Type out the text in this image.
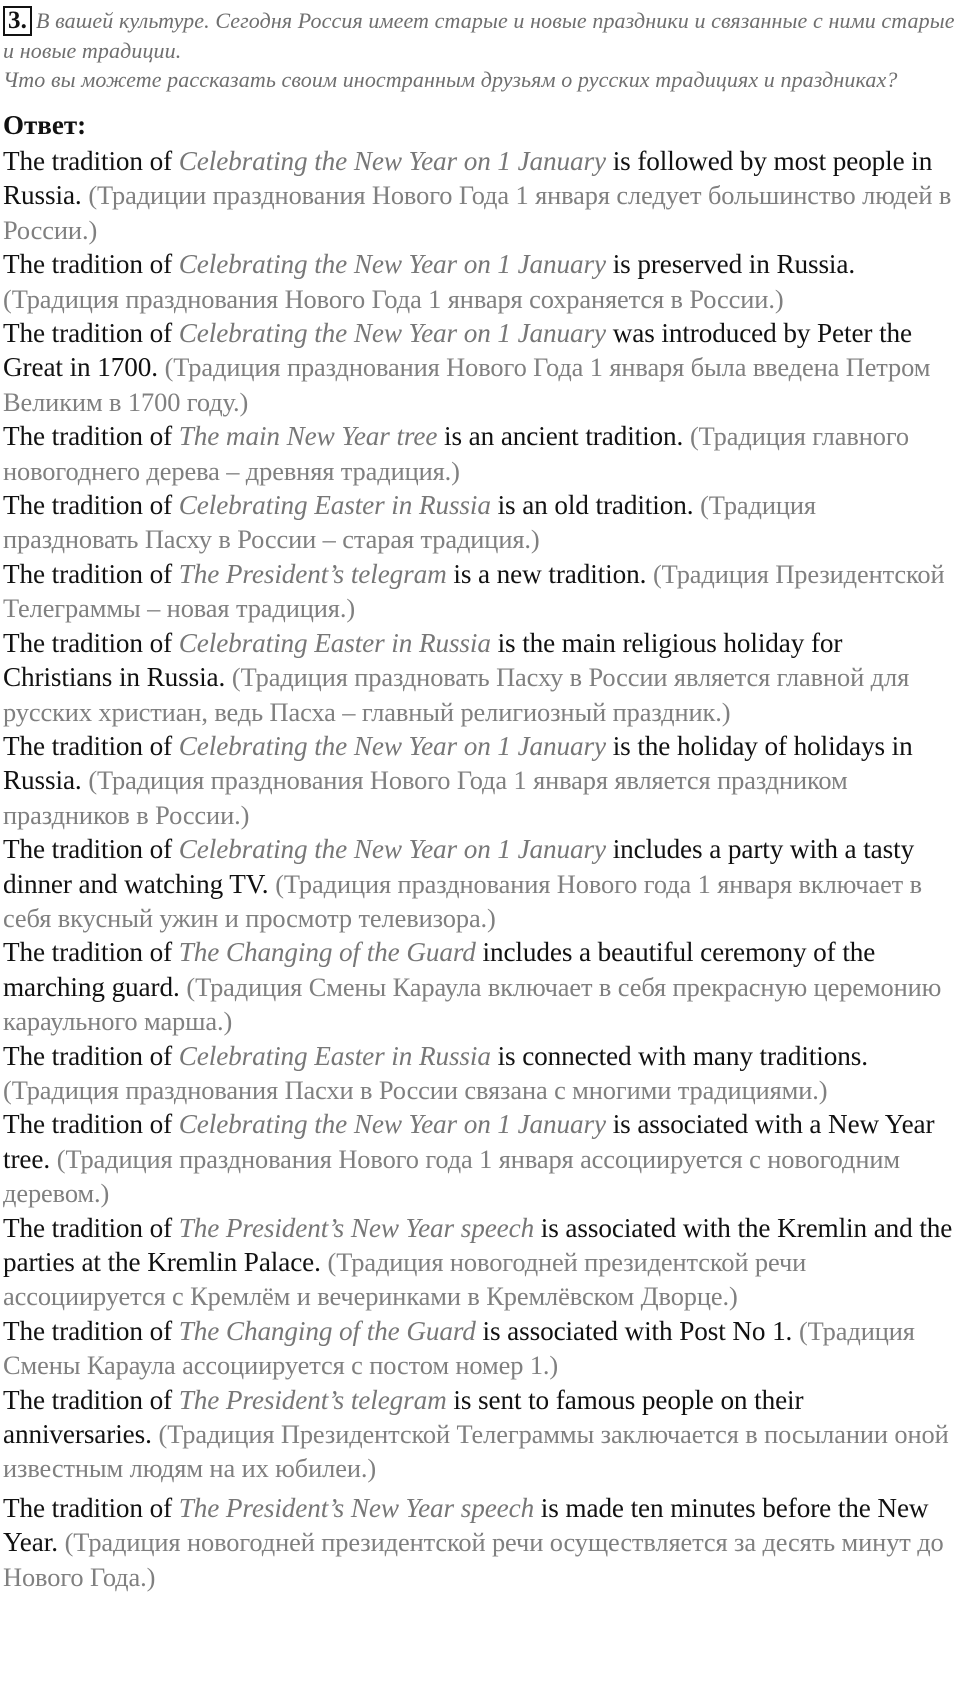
3. В вашей культуре. Сегодня Россия имеет старые и новые праздники и связанные с ними старые и новые традиции.
Что вы можете рассказать своим иностранным друзьям о русских традициях и праздниках?
Ответ:
The tradition of Celebrating the New Year on 1 January is followed by most people in Russia. (Традиции празднования Нового Года 1 января следует большинство людей в России.)
The tradition of Celebrating the New Year on 1 January is preserved in Russia. (Традиция празднования Нового Года 1 января сохраняется в России.)
The tradition of Celebrating the New Year on 1 January was introduced by Peter the Great in 1700. (Традиция празднования Нового Года 1 января была введена Петром Великим в 1700 году.)
The tradition of The main New Year tree is an ancient tradition. (Традиция главного новогоднего дерева – древняя традиция.)
The tradition of Celebrating Easter in Russia is an old tradition. (Традиция праздновать Пасху в России – старая традиция.)
The tradition of The President’s telegram is a new tradition. (Традиция Президентской Телеграммы – новая традиция.)
The tradition of Celebrating Easter in Russia is the main religious holiday for Christians in Russia. (Традиция праздновать Пасху в России является главной для русских христиан, ведь Пасха – главный религиозный праздник.)
The tradition of Celebrating the New Year on 1 January is the holiday of holidays in Russia. (Традиция празднования Нового Года 1 января является праздником праздников в России.)
The tradition of Celebrating the New Year on 1 January includes a party with a tasty dinner and watching TV. (Традиция празднования Нового года 1 января включает в себя вкусный ужин и просмотр телевизора.)
The tradition of The Changing of the Guard includes a beautiful ceremony of the marching guard. (Традиция Смены Караула включает в себя прекрасную церемонию караульного марша.)
The tradition of Celebrating Easter in Russia is connected with many traditions. (Традиция празднования Пасхи в России связана с многими традициями.)
The tradition of Celebrating the New Year on 1 January is associated with a New Year tree. (Традиция празднования Нового года 1 января ассоциируется с новогодним деревом.)
The tradition of The President’s New Year speech is associated with the Kremlin and the parties at the Kremlin Palace. (Традиция новогодней президентской речи ассоциируется с Кремлём и вечеринками в Кремлёвском Дворце.)
The tradition of The Changing of the Guard is associated with Post No 1. (Традиция Смены Караула ассоциируется с постом номер 1.)
The tradition of The President’s telegram is sent to famous people on their anniversaries. (Традиция Президентской Телеграммы заключается в посылании оной известным людям на их юбилеи.)
The tradition of The President’s New Year speech is made ten minutes before the New Year. (Традиция новогодней президентской речи осуществляется за десять минут до Нового Года.)
